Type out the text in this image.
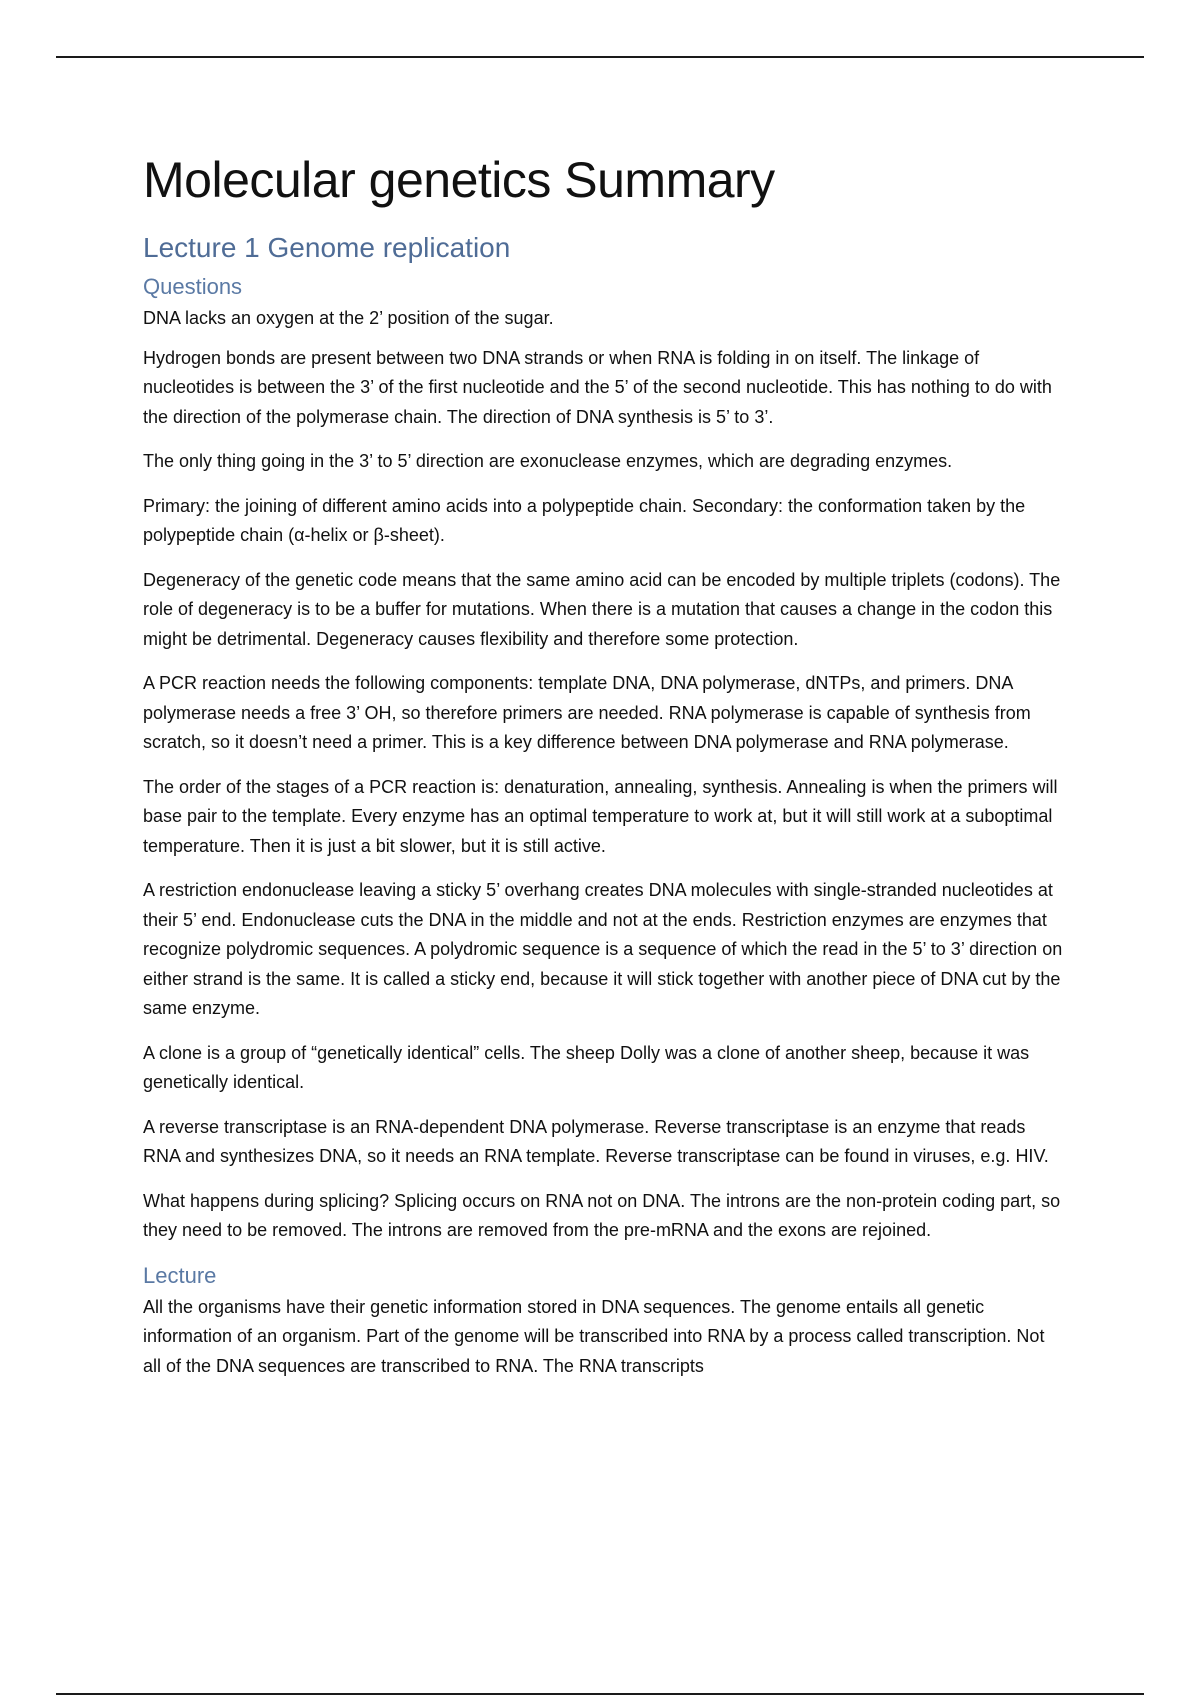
Molecular genetics Summary
Lecture 1 Genome replication
Questions

DNA lacks an oxygen at the 2’ position of the sugar.

Hydrogen bonds are present between two DNA strands or when RNA is folding in on itself. The linkage of nucleotides is between the 3’ of the first nucleotide and the 5’ of the second nucleotide. This has nothing to do with the direction of the polymerase chain. The direction of DNA synthesis is 5’ to 3’.

The only thing going in the 3’ to 5’ direction are exonuclease enzymes, which are degrading enzymes.

Primary: the joining of different amino acids into a polypeptide chain. Secondary: the conformation taken by the polypeptide chain (α-helix or β-sheet).

Degeneracy of the genetic code means that the same amino acid can be encoded by multiple triplets (codons). The role of degeneracy is to be a buffer for mutations. When there is a mutation that causes a change in the codon this might be detrimental. Degeneracy causes flexibility and therefore some protection.

A PCR reaction needs the following components: template DNA, DNA polymerase, dNTPs, and primers. DNA polymerase needs a free 3’ OH, so therefore primers are needed. RNA polymerase is capable of synthesis from scratch, so it doesn’t need a primer. This is a key difference between DNA polymerase and RNA polymerase.

The order of the stages of a PCR reaction is: denaturation, annealing, synthesis. Annealing is when the primers will base pair to the template. Every enzyme has an optimal temperature to work at, but it will still work at a suboptimal temperature. Then it is just a bit slower, but it is still active.

A restriction endonuclease leaving a sticky 5’ overhang creates DNA molecules with single-stranded nucleotides at their 5’ end. Endonuclease cuts the DNA in the middle and not at the ends. Restriction enzymes are enzymes that recognize polydromic sequences. A polydromic sequence is a sequence of which the read in the 5’ to 3’ direction on either strand is the same. It is called a sticky end, because it will stick together with another piece of DNA cut by the same enzyme.

A clone is a group of “genetically identical” cells. The sheep Dolly was a clone of another sheep, because it was genetically identical.

A reverse transcriptase is an RNA-dependent DNA polymerase. Reverse transcriptase is an enzyme that reads RNA and synthesizes DNA, so it needs an RNA template. Reverse transcriptase can be found in viruses, e.g. HIV.

What happens during splicing? Splicing occurs on RNA not on DNA. The introns are the non-protein coding part, so they need to be removed. The introns are removed from the pre-mRNA and the exons are rejoined.

Lecture

All the organisms have their genetic information stored in DNA sequences. The genome entails all genetic information of an organism. Part of the genome will be transcribed into RNA by a process called transcription. Not all of the DNA sequences are transcribed to RNA. The RNA transcripts
